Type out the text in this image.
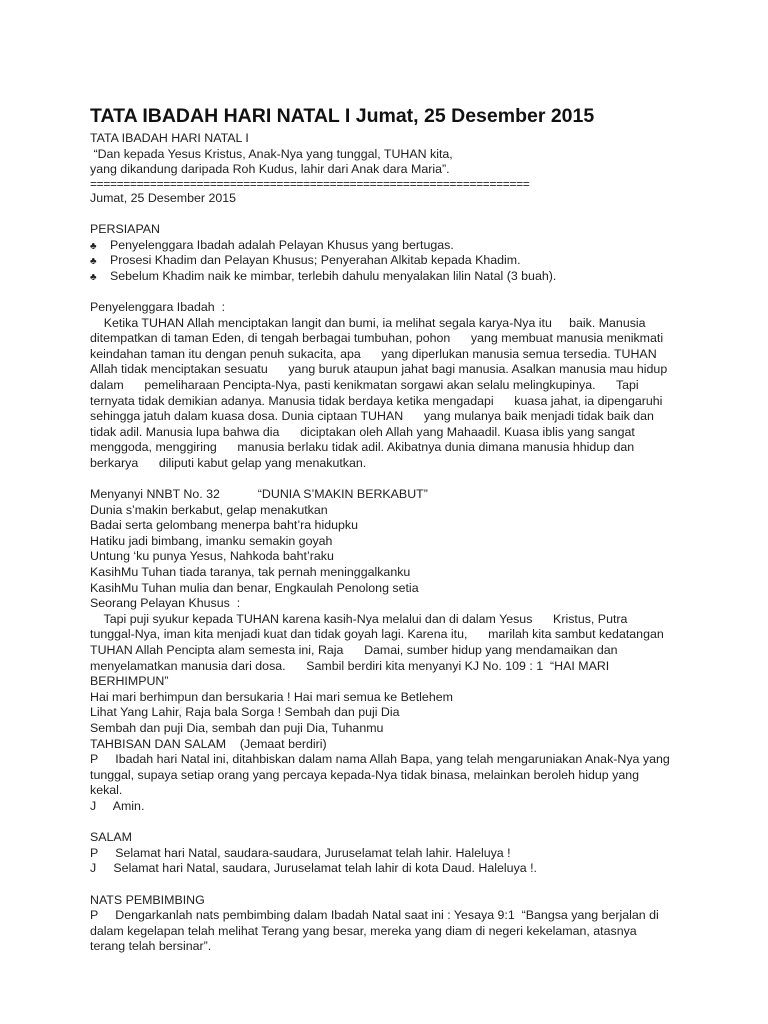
TATA IBADAH HARI NATAL I Jumat, 25 Desember 2015
TATA IBADAH HARI NATAL I
“Dan kepada Yesus Kristus, Anak-Nya yang tunggal, TUHAN kita,
yang dikandung daripada Roh Kudus, lahir dari Anak dara Maria”.
==================================================================
Jumat, 25 Desember 2015
PERSIAPAN
♣	Penyelenggara Ibadah adalah Pelayan Khusus yang bertugas.
♣	Prosesi Khadim dan Pelayan Khusus; Penyerahan Alkitab kepada Khadim.
♣	Sebelum Khadim naik ke mimbar, terlebih dahulu menyalakan lilin Natal (3 buah).
Penyelenggara Ibadah  :
Ketika TUHAN Allah menciptakan langit dan bumi, ia melihat segala karya-Nya itu     baik. Manusia
ditempatkan di taman Eden, di tengah berbagai tumbuhan, pohon      yang membuat manusia menikmati
keindahan taman itu dengan penuh sukacita, apa      yang diperlukan manusia semua tersedia. TUHAN
Allah tidak menciptakan sesuatu      yang buruk ataupun jahat bagi manusia. Asalkan manusia mau hidup
dalam      pemeliharaan Pencipta-Nya, pasti kenikmatan sorgawi akan selalu melingkupinya.      Tapi
ternyata tidak demikian adanya. Manusia tidak berdaya ketika mengadapi      kuasa jahat, ia dipengaruhi
sehingga jatuh dalam kuasa dosa. Dunia ciptaan TUHAN      yang mulanya baik menjadi tidak baik dan
tidak adil. Manusia lupa bahwa dia      diciptakan oleh Allah yang Mahaadil. Kuasa iblis yang sangat
menggoda, menggiring      manusia berlaku tidak adil. Akibatnya dunia dimana manusia hhidup dan
berkarya      diliputi kabut gelap yang menakutkan.
Menyanyi NNBT No. 32           “DUNIA S’MAKIN BERKABUT”
Dunia s’makin berkabut, gelap menakutkan
Badai serta gelombang menerpa baht’ra hidupku
Hatiku jadi bimbang, imanku semakin goyah
Untung ‘ku punya Yesus, Nahkoda baht’raku
KasihMu Tuhan tiada taranya, tak pernah meninggalkanku
KasihMu Tuhan mulia dan benar, Engkaulah Penolong setia
Seorang Pelayan Khusus  :
Tapi puji syukur kepada TUHAN karena kasih-Nya melalui dan di dalam Yesus      Kristus, Putra
tunggal-Nya, iman kita menjadi kuat dan tidak goyah lagi. Karena itu,      marilah kita sambut kedatangan
TUHAN Allah Pencipta alam semesta ini, Raja      Damai, sumber hidup yang mendamaikan dan
menyelamatkan manusia dari dosa.      Sambil berdiri kita menyanyi KJ No. 109 : 1  “HAI MARI
BERHIMPUN”
Hai mari berhimpun dan bersukaria ! Hai mari semua ke Betlehem
Lihat Yang Lahir, Raja bala Sorga ! Sembah dan puji Dia
Sembah dan puji Dia, sembah dan puji Dia, Tuhanmu
TAHBISAN DAN SALAM    (Jemaat berdiri)
P     Ibadah hari Natal ini, ditahbiskan dalam nama Allah Bapa, yang telah mengaruniakan Anak-Nya yang
tunggal, supaya setiap orang yang percaya kepada-Nya tidak binasa, melainkan beroleh hidup yang
kekal.
J     Amin.
SALAM
P     Selamat hari Natal, saudara-saudara, Juruselamat telah lahir. Haleluya !
J     Selamat hari Natal, saudara, Juruselamat telah lahir di kota Daud. Haleluya !.
NATS PEMBIMBING
P     Dengarkanlah nats pembimbing dalam Ibadah Natal saat ini : Yesaya 9:1  “Bangsa yang berjalan di
dalam kegelapan telah melihat Terang yang besar, mereka yang diam di negeri kekelaman, atasnya
terang telah bersinar”.
